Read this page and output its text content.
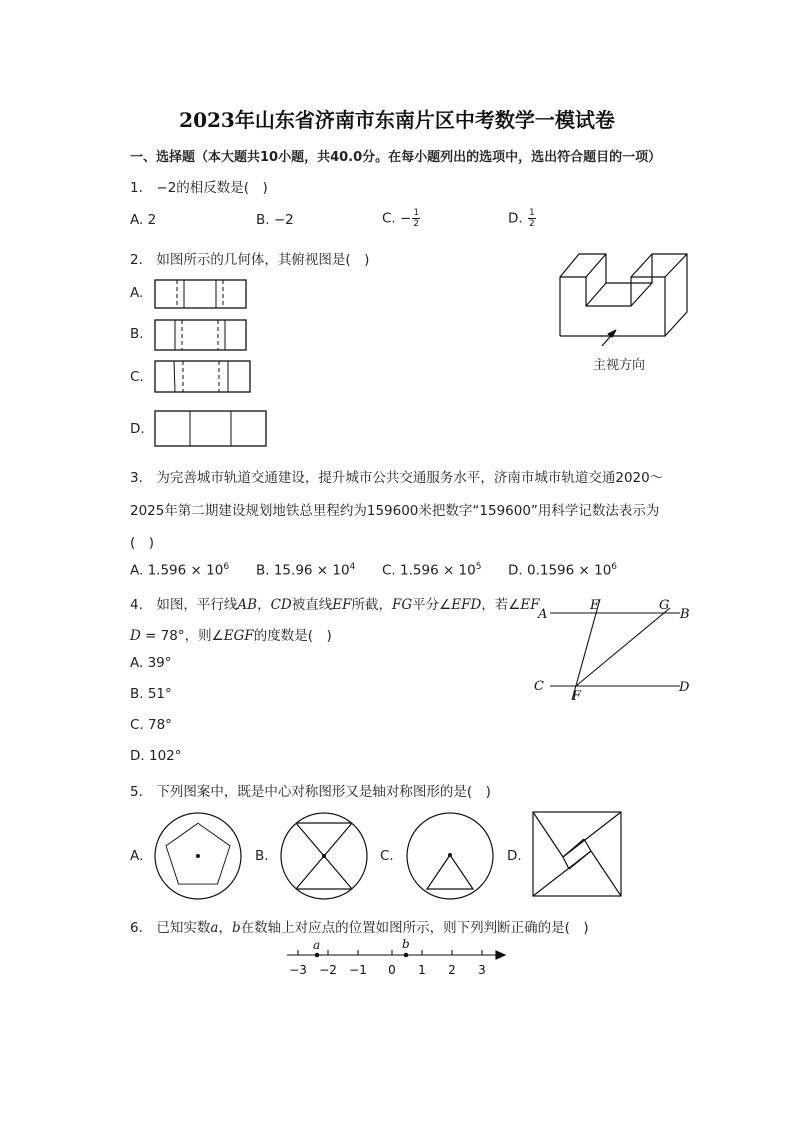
2023年山东省济南市东南片区中考数学一模试卷
一、选择题（本大题共10小题，共40.0分。在每小题列出的选项中，选出符合题目的一项）
1.　−2的相反数是(　)
A. 2	B. −2	C. − $\frac{1}{2}$	D. $\frac{1}{2}$
2.　如图所示的几何体，其俯视图是(　)
A.
B.
C.
D.
主视方向
3.　为完善城市轨道交通建设，提升城市公共交通服务水平，济南市城市轨道交通2020～
2025年第二期建设规划地铁总里程约为159600米把数字“159600”用科学记数法表示为
(　)
A. $1.596 \times 10^6$ B. $15.96 \times 10^4$ C. $1.596 \times 10^5$ D. $0.1596 \times 10^6$
4.　如图，平行线AB，CD被直线EF所截，FG平分∠EFD，若∠EF
D = 78°，则∠EGF的度数是(　)
A. 39°
B. 51°
C. 78°
D. 102°
A
E	G
B
C
F
D
5.　下列图案中，既是中心对称图形又是轴对称图形的是(　)
A.	B.	C.	D.
6.　已知实数a，b在数轴上对应点的位置如图所示，则下列判断正确的是(　)
a	b
−3 −2 −1 0 1 2 3
